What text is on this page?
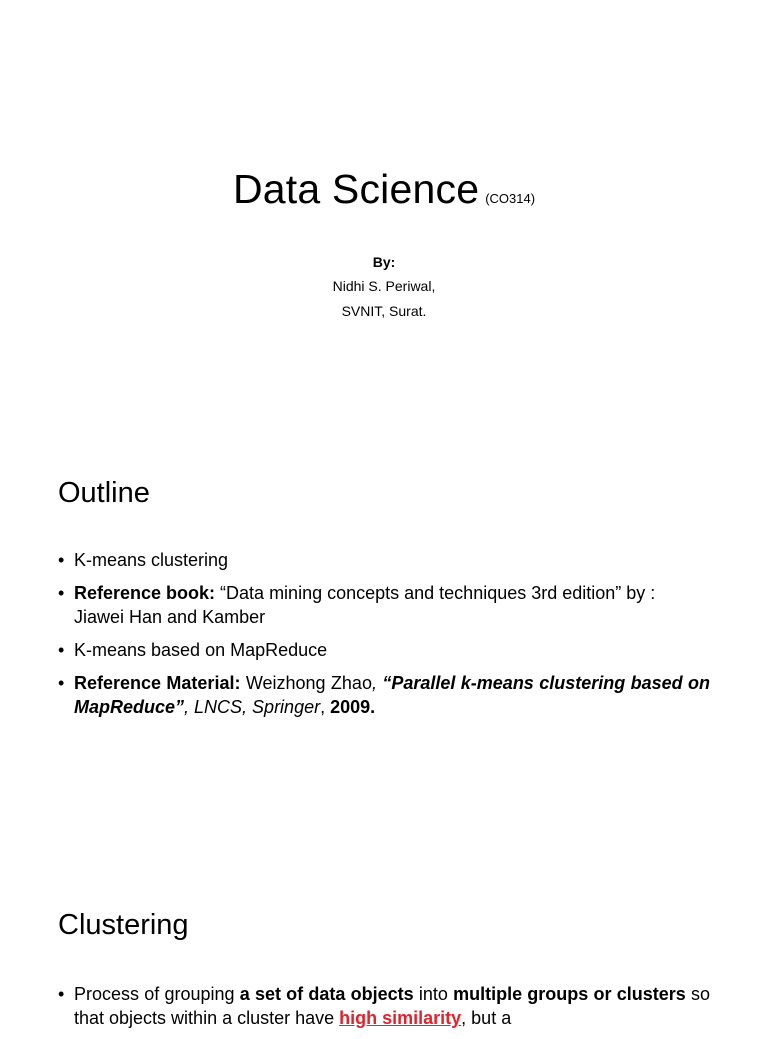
Data Science (CO314)
By:
Nidhi S. Periwal,
SVNIT, Surat.
Outline
• K-means clustering
• Reference book: “Data mining concepts and techniques 3rd edition” by : Jiawei Han and Kamber
• K-means based on MapReduce
• Reference Material: Weizhong Zhao, “Parallel k-means clustering based on MapReduce”, LNCS, Springer, 2009.
Clustering
• Process of grouping a set of data objects into multiple groups or clusters so that objects within a cluster have high similarity, but a
